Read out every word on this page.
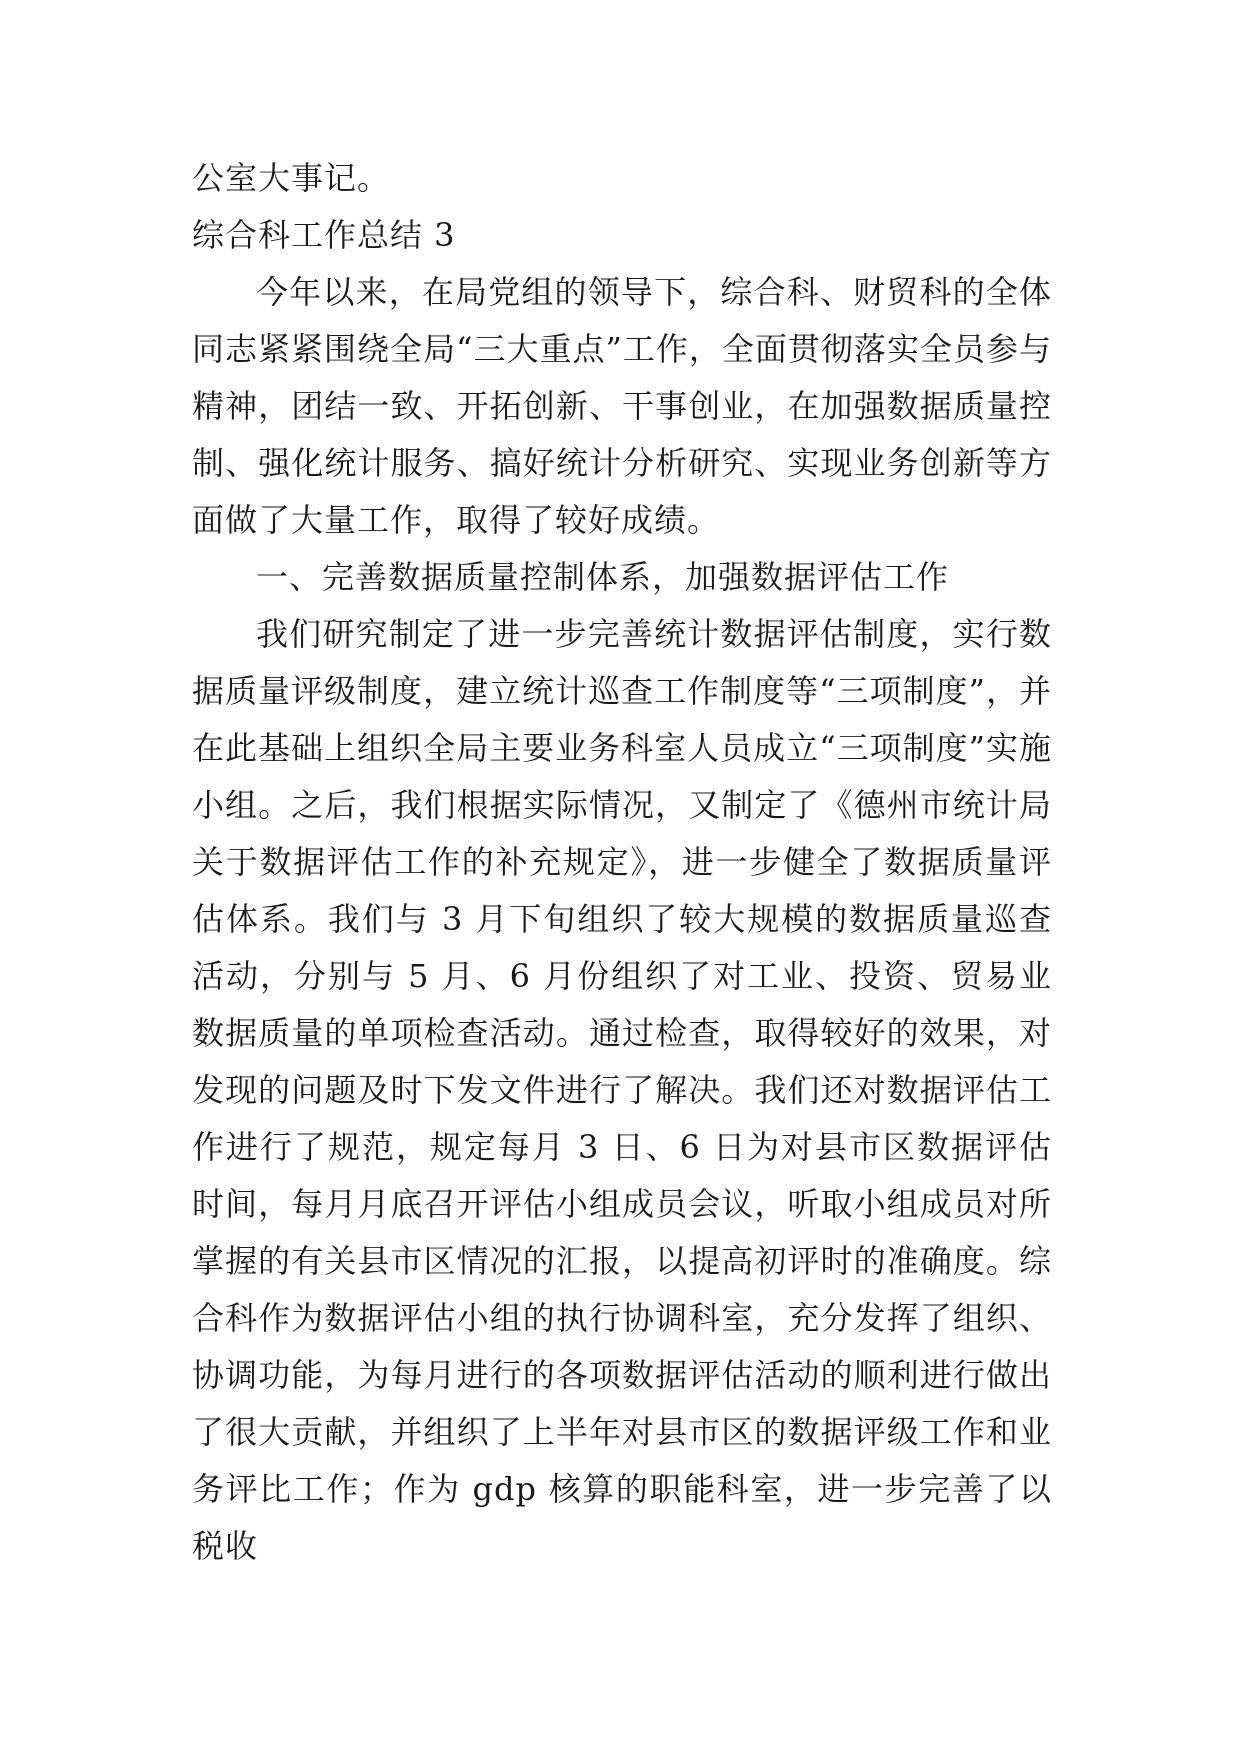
公室大事记。

综合科工作总结 3

今年以来，在局党组的领导下，综合科、财贸科的全体同志紧紧围绕全局“三大重点”工作，全面贯彻落实全员参与精神，团结一致、开拓创新、干事创业，在加强数据质量控制、强化统计服务、搞好统计分析研究、实现业务创新等方面做了大量工作，取得了较好成绩。

一、完善数据质量控制体系，加强数据评估工作

我们研究制定了进一步完善统计数据评估制度，实行数据质量评级制度，建立统计巡查工作制度等“三项制度”，并在此基础上组织全局主要业务科室人员成立“三项制度”实施小组。之后，我们根据实际情况，又制定了《德州市统计局关于数据评估工作的补充规定》，进一步健全了数据质量评估体系。我们与 3 月下旬组织了较大规模的数据质量巡查活动，分别与 5 月、6 月份组织了对工业、投资、贸易业数据质量的单项检查活动。通过检查，取得较好的效果，对发现的问题及时下发文件进行了解决。我们还对数据评估工作进行了规范，规定每月 3 日、6 日为对县市区数据评估时间，每月月底召开评估小组成员会议，听取小组成员对所掌握的有关县市区情况的汇报，以提高初评时的准确度。综合科作为数据评估小组的执行协调科室，充分发挥了组织、协调功能，为每月进行的各项数据评估活动的顺利进行做出了很大贡献，并组织了上半年对县市区的数据评级工作和业务评比工作；作为 gdp 核算的职能科室，进一步完善了以税收
